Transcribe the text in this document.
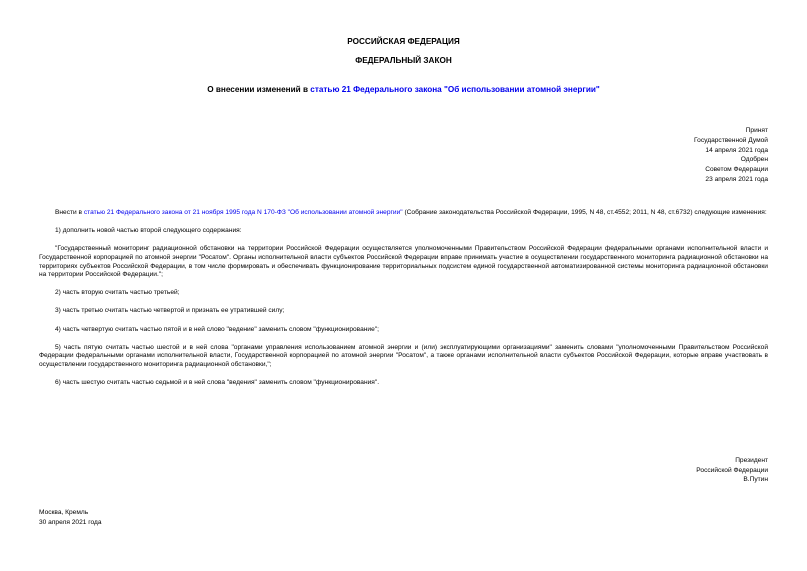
РОССИЙСКАЯ ФЕДЕРАЦИЯ
ФЕДЕРАЛЬНЫЙ ЗАКОН
О внесении изменений в статью 21 Федерального закона "Об использовании атомной энергии"
Принят
Государственной Думой
14 апреля 2021 года
Одобрен
Советом Федерации
23 апреля 2021 года

Внести в статью 21 Федерального закона от 21 ноября 1995 года N 170-ФЗ "Об использовании атомной энергии" (Собрание законодательства Российской Федерации, 1995, N 48, ст.4552; 2011, N 48, ст.6732) следующие изменения:

1) дополнить новой частью второй следующего содержания:

"Государственный мониторинг радиационной обстановки на территории Российской Федерации осуществляется уполномоченными Правительством Российской Федерации федеральными органами исполнительной власти и Государственной корпорацией по атомной энергии "Росатом". Органы исполнительной власти субъектов Российской Федерации вправе принимать участие в осуществлении государственного мониторинга радиационной обстановки на территориях субъектов Российской Федерации, в том числе формировать и обеспечивать функционирование территориальных подсистем единой государственной автоматизированной системы мониторинга радиационной обстановки на территории Российской Федерации.";

2) часть вторую считать частью третьей;

3) часть третью считать частью четвертой и признать ее утратившей силу;

4) часть четвертую считать частью пятой и в ней слово "ведение" заменить словом "функционирование";

5) часть пятую считать частью шестой и в ней слова "органами управления использованием атомной энергии и (или) эксплуатирующими организациями" заменить словами "уполномоченными Правительством Российской Федерации федеральными органами исполнительной власти, Государственной корпорацией по атомной энергии "Росатом", а также органами исполнительной власти субъектов Российской Федерации, которые вправе участвовать в осуществлении государственного мониторинга радиационной обстановки,";

6) часть шестую считать частью седьмой и в ней слова "ведения" заменить словом "функционирования".

Президент
Российской Федерации
В.Путин
Москва, Кремль
30 апреля 2021 года
